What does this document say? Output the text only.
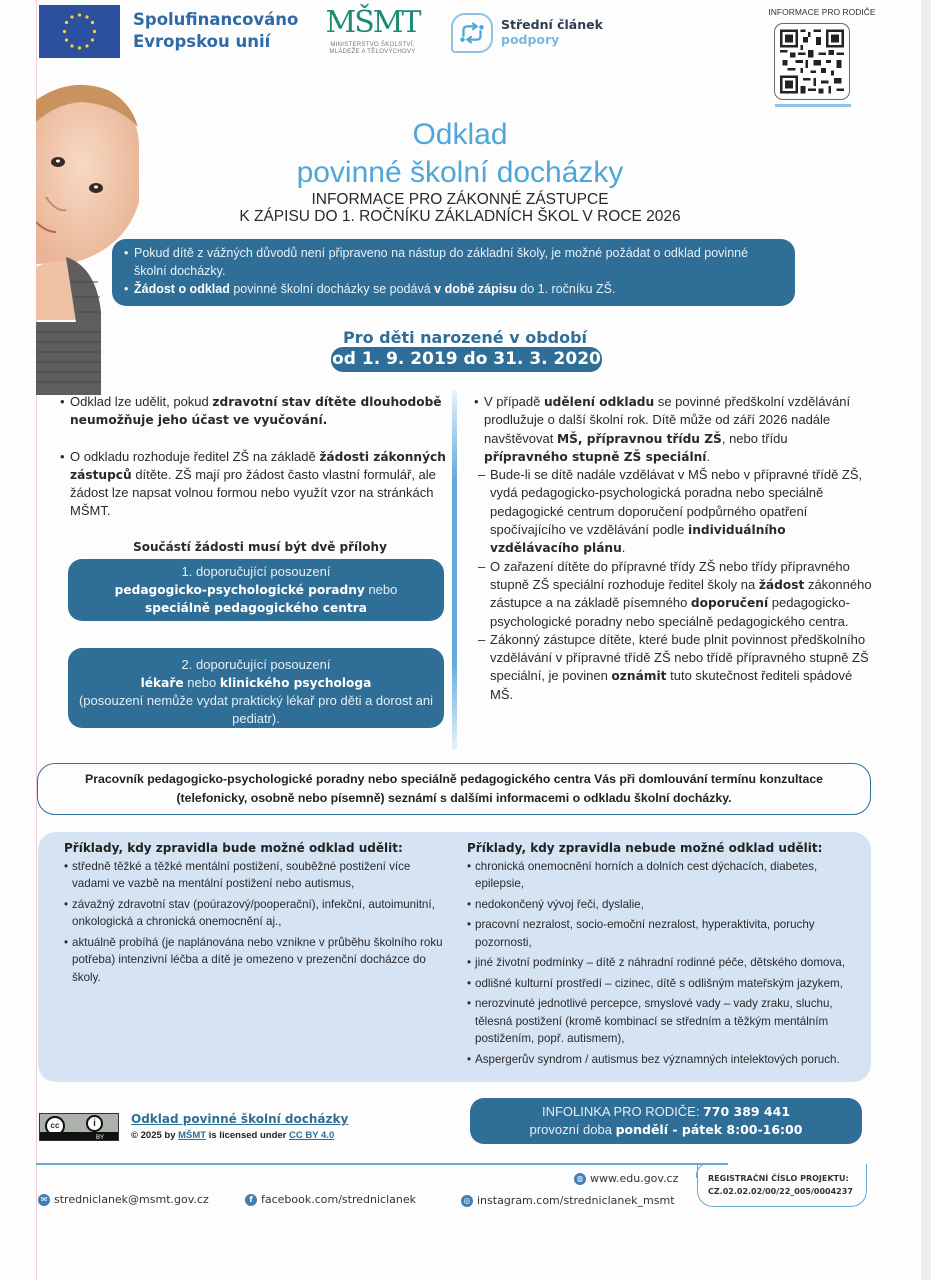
Spolufinancováno
Evropskou unií
MŠMT
MINISTERSTVO ŠKOLSTVÍ,
MLÁDEŽE A TĚLOVÝCHOVY
Střední článek
podpory
INFORMACE PRO RODIČE
Odklad
povinné školní docházky
INFORMACE PRO ZÁKONNÉ ZÁSTUPCE
K ZÁPISU DO 1. ROČNÍKU ZÁKLADNÍCH ŠKOL V ROCE 2026
• Pokud dítě z vážných důvodů není připraveno na nástup do základní školy, je možné požádat o odklad povinné školní docházky.
• Žádost o odklad povinné školní docházky se podává v době zápisu do 1. ročníku ZŠ.
Pro děti narozené v období
od 1. 9. 2019 do 31. 3. 2020
• Odklad lze udělit, pokud zdravotní stav dítěte dlouhodobě neumožňuje jeho účast ve vyučování.
• O odkladu rozhoduje ředitel ZŠ na základě žádosti zákonných zástupců dítěte. ZŠ mají pro žádost často vlastní formulář, ale žádost lze napsat volnou formou nebo využít vzor na stránkách MŠMT.
Součástí žádosti musí být dvě přílohy
1. doporučující posouzení
pedagogicko-psychologické poradny nebo
speciálně pedagogického centra
2. doporučující posouzení
lékaře nebo klinického psychologa
(posouzení nemůže vydat praktický lékař pro děti a dorost ani pediatr).
• V případě udělení odkladu se povinné předškolní vzdělávání prodlužuje o další školní rok. Dítě může od září 2026 nadále navštěvovat MŠ, přípravnou třídu ZŠ, nebo třídu přípravného stupně ZŠ speciální.
– Bude-li se dítě nadále vzdělávat v MŠ nebo v přípravné třídě ZŠ, vydá pedagogicko-psychologická poradna nebo speciálně pedagogické centrum doporučení podpůrného opatření spočívajícího ve vzdělávání podle individuálního vzdělávacího plánu.
– O zařazení dítěte do přípravné třídy ZŠ nebo třídy přípravného stupně ZŠ speciální rozhoduje ředitel školy na žádost zákonného zástupce a na základě písemného doporučení pedagogicko-psychologické poradny nebo speciálně pedagogického centra.
– Zákonný zástupce dítěte, které bude plnit povinnost předškolního vzdělávání v přípravné třídě ZŠ nebo třídě přípravného stupně ZŠ speciální, je povinen oznámit tuto skutečnost řediteli spádové MŠ.
Pracovník pedagogicko-psychologické poradny nebo speciálně pedagogického centra Vás při domlouvání termínu konzultace
(telefonicky, osobně nebo písemně) seznámí s dalšími informacemi o odkladu školní docházky.
Příklady, kdy zpravidla bude možné odklad udělit:
• středně těžké a těžké mentální postižení, souběžné postižení více vadami ve vazbě na mentální postižení nebo autismus,
• závažný zdravotní stav (poúrazový/pooperační), infekční, autoimunitní, onkologická a chronická onemocnění aj.,
• aktuálně probíhá (je naplánována nebo vznikne v průběhu školního roku potřeba) intenzivní léčba a dítě je omezeno v prezenční docházce do školy.
Příklady, kdy zpravidla nebude možné odklad udělit:
• chronická onemocnění horních a dolních cest dýchacích, diabetes, epilepsie,
• nedokončený vývoj řeči, dyslalie,
• pracovní nezralost, socio-emoční nezralost, hyperaktivita, poruchy pozornosti,
• jiné životní podmínky – dítě z náhradní rodinné péče, dětského domova,
• odlišné kulturní prostředí – cizinec, dítě s odlišným mateřským jazykem,
• nerozvinuté jednotlivé percepce, smyslové vady – vady zraku, sluchu, tělesná postižení (kromě kombinací se středním a těžkým mentálním postižením, popř. autismem),
• Aspergerův syndrom / autismus bez významných intelektových poruch.
cc	i
BY
Odklad povinné školní docházky
© 2025 by MŠMT is licensed under CC BY 4.0
INFOLINKA PRO RODIČE: 770 389 441
provozní doba pondělí - pátek 8:00-16:00
REGISTRAČNÍ ČÍSLO PROJEKTU:
CZ.02.02.02/00/22_005/0004237
◍ www.edu.gov.cz
✉ stredniclanek@msmt.gov.cz	f facebook.com/stredniclanek	◎ instagram.com/stredniclanek_msmt
